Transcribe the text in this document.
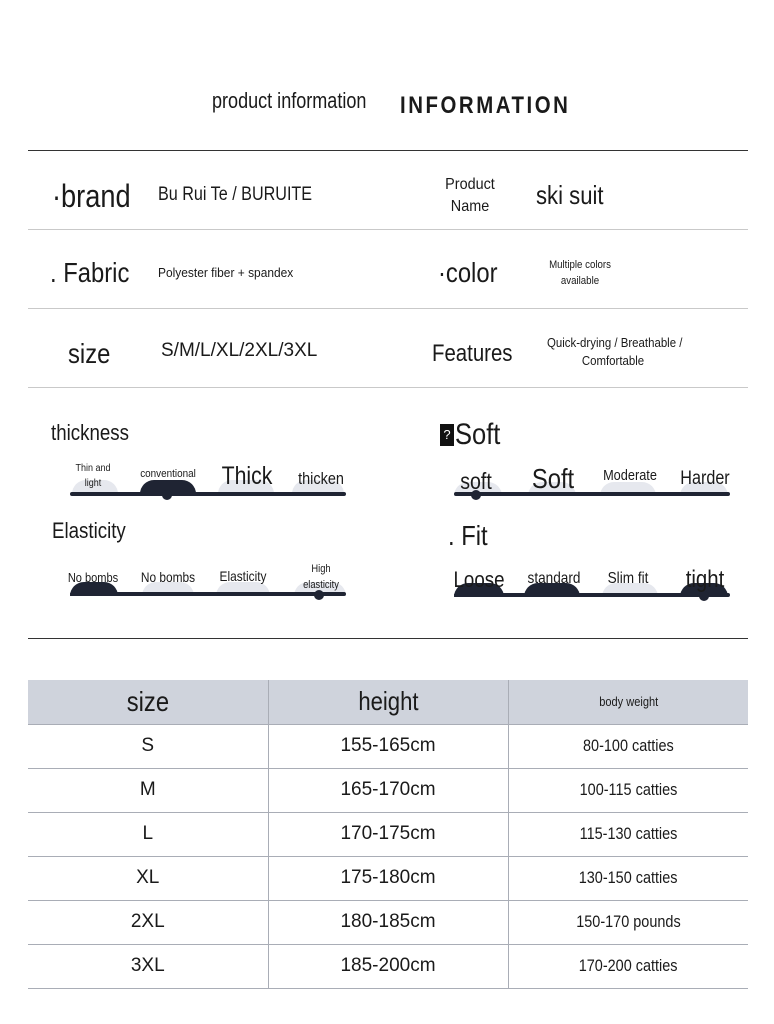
product information INFORMATION
·brand Bu Rui Te / BURUITE	Product
Name	ski suit
. Fabric Polyester fiber + spandex	·color	Multiple colors
available
size	S/M/L/XL/2XL/3XL	Features	Quick-drying / Breathable /
Comfortable
thickness
Thin and
light
conventional	Thick	thicken
? Soft
soft	Soft	Moderate Harder
Elasticity
No bombs No bombs	Elasticity	High
elasticity
. Fit
Loose standard	Slim fit	tight
size	height	body weight
S	155-165cm	80-100 catties
M	165-170cm	100-115 catties
L	170-175cm	115-130 catties
XL	175-180cm	130-150 catties
2XL	180-185cm	150-170 pounds
3XL	185-200cm	170-200 catties
